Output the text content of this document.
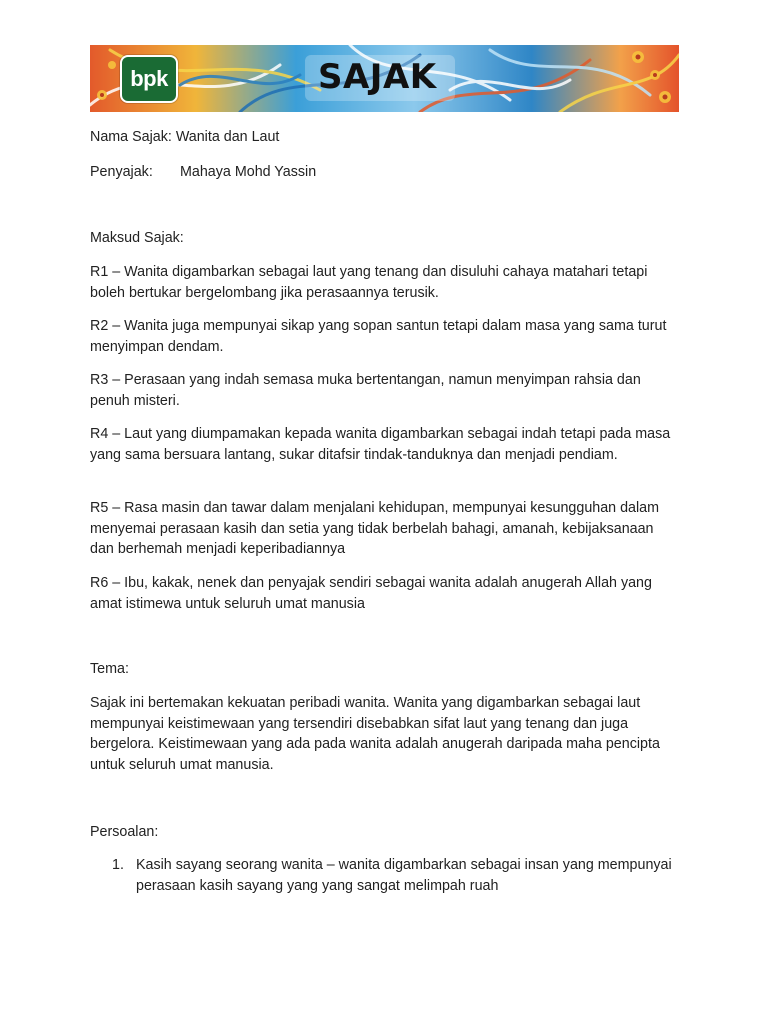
bpk	SAJAK

Nama Sajak: Wanita dan Laut

Penyajak: Mahaya Mohd Yassin

Maksud Sajak:

R1 – Wanita digambarkan sebagai laut yang tenang dan disuluhi cahaya matahari tetapi boleh bertukar bergelombang jika perasaannya terusik.

R2 – Wanita juga mempunyai sikap yang sopan santun tetapi dalam masa yang sama turut menyimpan dendam.

R3 – Perasaan yang indah semasa muka bertentangan, namun menyimpan rahsia dan penuh misteri.

R4 – Laut yang diumpamakan kepada wanita digambarkan sebagai indah tetapi pada masa yang sama bersuara lantang, sukar ditafsir tindak-tanduknya dan menjadi pendiam.

R5 – Rasa masin dan tawar dalam menjalani kehidupan, mempunyai kesungguhan dalam menyemai perasaan kasih dan setia yang tidak berbelah bahagi, amanah, kebijaksanaan dan berhemah menjadi keperibadiannya

R6 – Ibu, kakak, nenek dan penyajak sendiri sebagai wanita adalah anugerah Allah yang amat istimewa untuk seluruh umat manusia

Tema:

Sajak ini bertemakan kekuatan peribadi wanita. Wanita yang digambarkan sebagai laut mempunyai keistimewaan yang tersendiri disebabkan sifat laut yang tenang dan juga bergelora. Keistimewaan yang ada pada wanita adalah anugerah daripada maha pencipta untuk seluruh umat manusia.

Persoalan:

1. Kasih sayang seorang wanita – wanita digambarkan sebagai insan yang mempunyai perasaan kasih sayang yang yang sangat melimpah ruah
